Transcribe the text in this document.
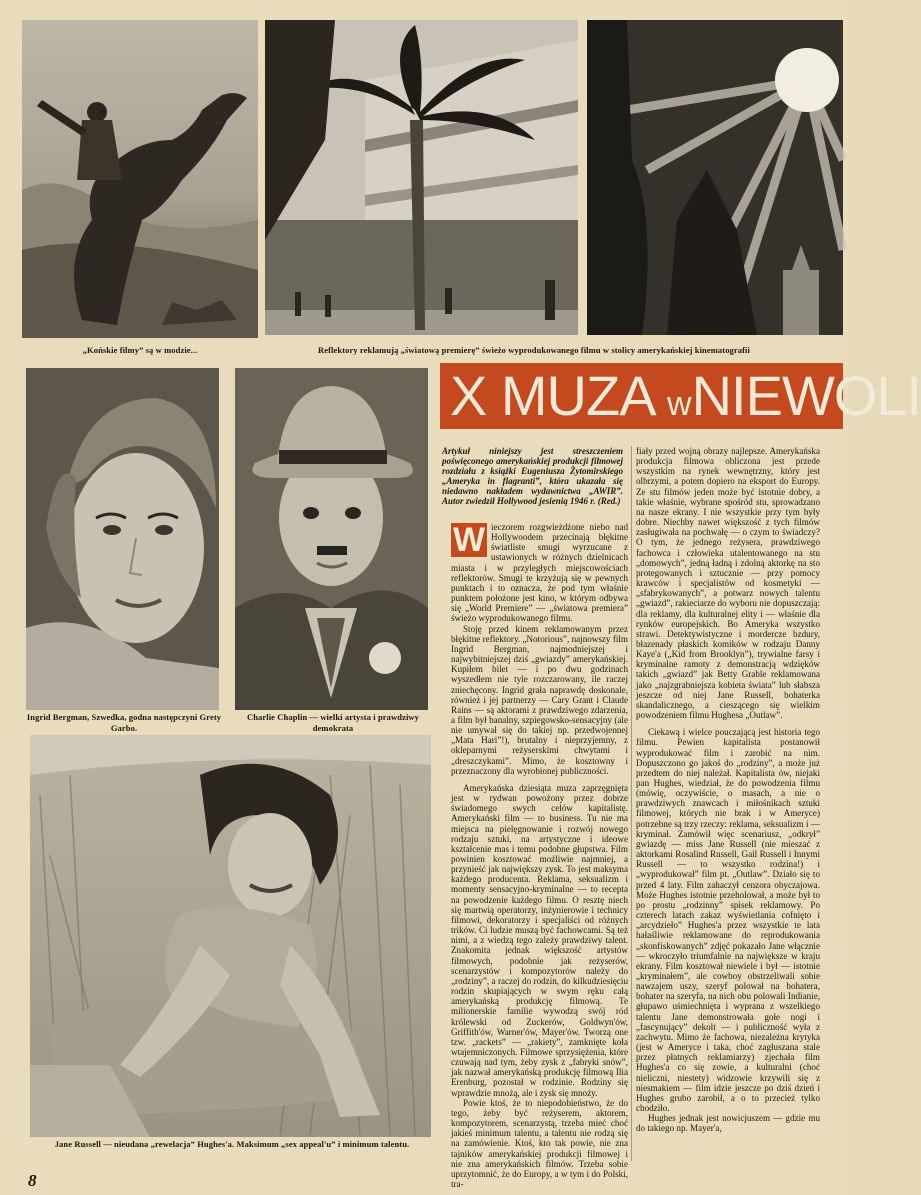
„Końskie filmy” są w modzie...	Reflektory reklamują „światową premierę” świeżo wyprodukowanego filmu w stolicy amerykańskiej kinematografii
Ingrid Bergman, Szwedka, godna następczyni Grety Garbo.
Charlie Chaplin — wielki artysta i prawdziwy demokrata
X MUZA wNIEWOLI
Jane Russell — nieudana „rewelacja” Hughes'a. Maksimum „sex appeal'u” i minimum talentu.
Artykuł niniejszy jest streszczeniem poświęconego amerykańskiej produkcji filmowej rozdziału z książki Eugeniusza Żytomirskiego „Ameryka in flagranti”, która ukazała się niedawno nakładem wydawnictwa „AWIR”. Autor zwiedził Hollywood jesienią 1946 r. (Red.)
W ieczorem rozgwieżdżone niebo nad Hollywoodem przecinają błękitne światliste smugi wyrzucane z ustawionych w różnych dzielnicach miasta i w przyległych miejscowościach reflektorów. Smugi te krzyżują się w pewnych punktach i to oznacza, że pod tym właśnie punktem położone jest kino, w którym odbywa się „World Premiere” — „światowa premiera” świeżo wyprodukowanego filmu.

Stoję przed kinem reklamowanym przez błękitne reflektory. „Notorious”, najnowszy film Ingrid Bergman, najmodniejszej i najwybitniejszej dziś „gwiazdy” amerykańskiej. Kupiłem bilet — i po dwu godzinach wyszedłem nie tyle rozczarowany, ile raczej zniechęcony. Ingrid grała naprawdę doskonale, również i jej partnerzy — Cary Grant i Claude Rains — są aktorami z prawdziwego zdarzenia, a film był banalny, szpiegowsko-sensacyjny (ale nie umywał się do takiej np. przedwojennej „Mata Hari”!), brutalny i nieprzyjemny, z okleparnymi reżyserskimi chwytami i „dreszczykami”. Mimo, że kosztowny i przeznaczony dla wyrobionej publiczności.

Amerykańska dziesiąta muza zaprzęgnięta jest w rydwan powożony przez dobrze świadomego swych celów kapitalistę. Amerykański film — to business. Tu nie ma miejsca na pielęgnowanie i rozwój nowego rodzaju sztuki, na artystyczne i ideowe kształcenie mas i temu podobne głupstwa. Film powinien kosztować możliwie najmniej, a przynieść jak największy zysk. To jest maksyma każdego producenta. Reklama, seksualizm i momenty sensacyjno-kryminalne — to recepta na powodzenie każdego filmu. O resztę niech się martwią operatorzy, inżynierowie i technicy filmowi, dekoratorzy i specjaliści od różnych trików. Ci ludzie muszą być fachowcami. Są też nimi, a z wiedzą tego zależy prawdziwy talent. Znakomita jednak większość artystów filmowych, podobnie jak reżyserów, scenarzystów i kompozytorów należy do „rodziny”, a raczej do rodzin, do kilkudziesięciu rodzin skupiających w swym ręku całą amerykańską produkcję filmową. Te milionerskie familie wywodzą swój ród królewski od Zuckerów, Goldwyn'ów, Griffith'ów, Warner'ów, Mayer'ów. Tworzą one tzw. „rackets” — „rakiety”, zamknięte koła wtajemniczonych. Filmowe sprzysiężenia, które czuwają nad tym, żeby zysk z „fabryki snów”, jak nazwał amerykańską produkcję filmową Ilia Erenburg, pozostał w rodzinie. Rodziny się wprawdzie mnożą, ale i zysk się mnoży.

Powie ktoś, że to niepodobieństwo, że do tego, żeby być reżyserem, aktorem, kompozytorem, scenarzystą, trzeba mieć choć jakieś minimum talentu, a talentu nie rodzą się na zamówienie. Ktoś, kto tak powie, nie zna tajników amerykańskiej produkcji filmowej i nie zna amerykańskich filmów. Trzeba sobie uprzytomnić, że do Europy, a w tym i do Polski, tra-

fiały przed wojną obrazy najlepsze. Amerykańska produkcja filmowa obliczona jest przede wszystkim na rynek wewnętrzny, który jest olbrzymi, a potem dopiero na eksport do Europy. Ze stu filmów jeden może być istotnie dobry, a takie właśnie, wybrane spośród stu, sprowadzano na nasze ekrany. I nie wszystkie przy tym były dobre. Niechby nawet większość z tych filmów zasługiwała na pochwałę — o czym to świadczy? O tym, że jednego reżysera, prawdziwego fachowca i człowieka utalentowanego na stu „domowych”, jedną ładną i zdolną aktorkę na sto protegowanych i sztucznie — przy pomocy krawców i specjalistów od kosmetyki — „sfabrykowanych”, a potwarz nowych talentu „gwiazd”, rakieciarze do wyboru nie dopuszczają: dla reklamy, dla kulturalnej elity i — właśnie dla rynków europejskich. Bo Ameryka wszystko strawi. Detektywistyczne i mordercze bzdury, błazenady płaskich komików w rodzaju Danny Kaye'a („Kid from Brooklyn”), trywialne farsy i kryminalne ramoty z demonstracją wdzięków takich „gwiazd” jak Betty Grable reklamowana jako „najzgrabniejsza kobieta świata” lub słabsza jeszcze od niej Jane Russell, bohaterka skandalicznego, a cieszącego się wielkim powodzeniem filmu Hughesa „Outlaw”.

Ciekawą i wielce pouczającą jest historia tego filmu. Pewien kapitalista postanowił wyprodukować film i zarobić na nim. Dopuszczono go jakoś do „rodziny”, a może już przedtem do niej należał. Kapitalista ów, niejaki pan Hughes, wiedział, że do powodzenia filmu (mówię, oczywiście, o masach, a nie o prawdziwych znawcach i miłośnikach sztuki filmowej, których nie brak i w Ameryce) potrzebne są trzy rzeczy: reklama, seksualizm i — kryminał. Zamówił więc scenariusz, „odkrył” gwiazdę — miss Jane Russell (nie mieszać z aktorkami Rosalind Russell, Gail Russell i Innymi Russell — to wszystko rodzina!) i „wyprodukował” film pt. „Outlaw”. Działo się to przed 4 laty. Film zahaczył cenzora obyczajowa. Może Hughes istotnie przeholował, a może był to po prostu „rodzinny” spisek reklamowy. Po czterech latach zakaz wyświetlania cofnięto i „arcydzieło” Hughes'a przez wszystkie te lata hałaśliwie reklamowane do reprodukowania „skonfiskowanych” zdjęć pokazało Jane włącznie — wkroczyło triumfalnie na największe w kraju ekrany. Film kosztował niewiele i był — istotnie „kryminałem”, ale cowboy obstrzeliwali sobie nawzajem uszy, szeryf polował na bohatera, bohater na szeryfa, na nich obu polowali Indianie, głupawo uśmiechnięta i wyprana z wszelkiego talentu Jane demonstrowała gołe nogi i „fascynujący” dekolt — i publiczność wyła z zachwytu. Mimo że fachowa, niezależna krytyka (jest w Ameryce i taka, choć zagłuszana stale przez płatnych reklamiarzy) zjechała film Hughes'a co się zowie, a kulturalni (choć nieliczni, niestety) widzowie krzywili się z niesmakiem — film idzie jeszcze po dziś dzień i Hughes grubo zarobił, a o to przecież tylko chodziło.

Hughes jednak jest nowicjuszem — gdzie mu do takiego np. Mayer'a,

8
